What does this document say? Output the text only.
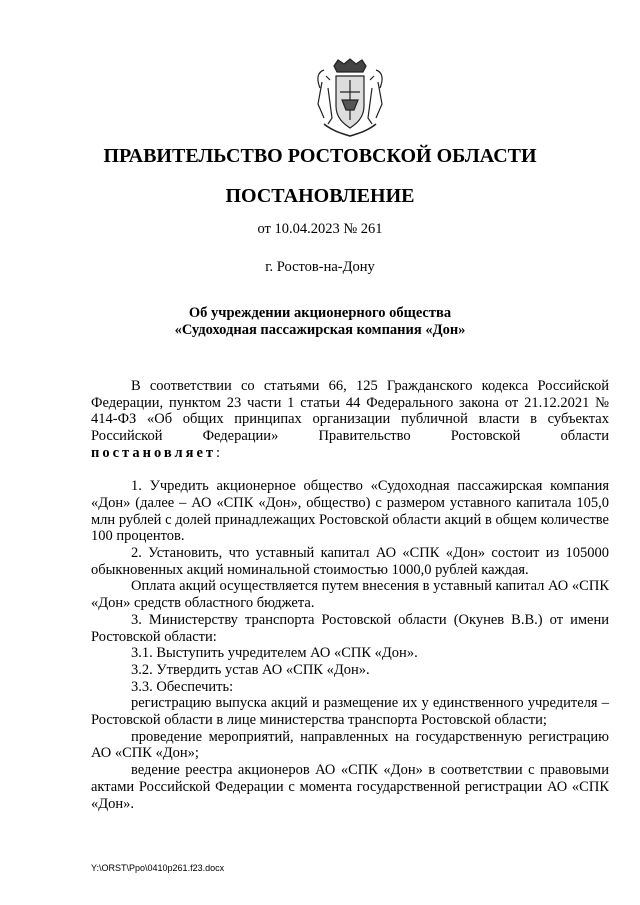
ПРАВИТЕЛЬСТВО РОСТОВСКОЙ ОБЛАСТИ
ПОСТАНОВЛЕНИЕ
от 10.04.2023 № 261
г. Ростов-на-Дону
Об учреждении акционерного общества
«Судоходная пассажирская компания «Дон»

В соответствии со статьями 66, 125 Гражданского кодекса Российской Федерации, пунктом 23 части 1 статьи 44 Федерального закона от 21.12.2021 № 414-ФЗ «Об общих принципах организации публичной власти в субъектах Российской Федерации» Правительство Ростовской области

постановляет:

1. Учредить акционерное общество «Судоходная пассажирская компания «Дон» (далее – АО «СПК «Дон», общество) с размером уставного капитала 105,0 млн рублей с долей принадлежащих Ростовской области акций в общем количестве 100 процентов.

2. Установить, что уставный капитал АО «СПК «Дон» состоит из 105000 обыкновенных акций номинальной стоимостью 1000,0 рублей каждая.

Оплата акций осуществляется путем внесения в уставный капитал АО «СПК «Дон» средств областного бюджета.

3. Министерству транспорта Ростовской области (Окунев В.В.) от имени Ростовской области:

3.1. Выступить учредителем АО «СПК «Дон».

3.2. Утвердить устав АО «СПК «Дон».

3.3. Обеспечить:

регистрацию выпуска акций и размещение их у единственного учредителя – Ростовской области в лице министерства транспорта Ростовской области;

проведение мероприятий, направленных на государственную регистрацию АО «СПК «Дон»;

ведение реестра акционеров АО «СПК «Дон» в соответствии с правовыми актами Российской Федерации с момента государственной регистрации АО «СПК «Дон».

Y:\ORST\Ppo\0410p261.f23.docx
